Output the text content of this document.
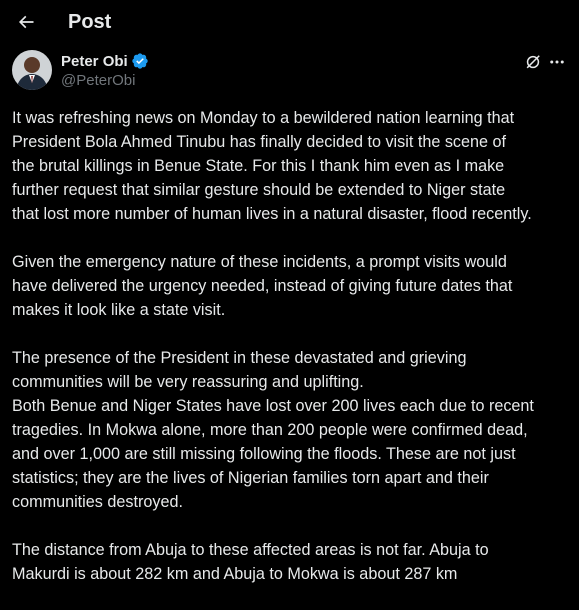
Post
Peter Obi
@PeterObi

It was refreshing news on Monday to a bewildered nation learning that
President Bola Ahmed Tinubu has finally decided to visit the scene of
the brutal killings in Benue State. For this I thank him even as I make
further request that similar gesture should be extended to Niger state
that lost more number of human lives in a natural disaster, flood recently.

Given the emergency nature of these incidents, a prompt visits would
have delivered the urgency needed, instead of giving future dates that
makes it look like a state visit.

The presence of the President in these devastated and grieving
communities will be very reassuring and uplifting.

Both Benue and Niger States have lost over 200 lives each due to recent
tragedies. In Mokwa alone, more than 200 people were confirmed dead,
and over 1,000 are still missing following the floods. These are not just
statistics; they are the lives of Nigerian families torn apart and their
communities destroyed.

The distance from Abuja to these affected areas is not far. Abuja to
Makurdi is about 282 km and Abuja to Mokwa is about 287 km
